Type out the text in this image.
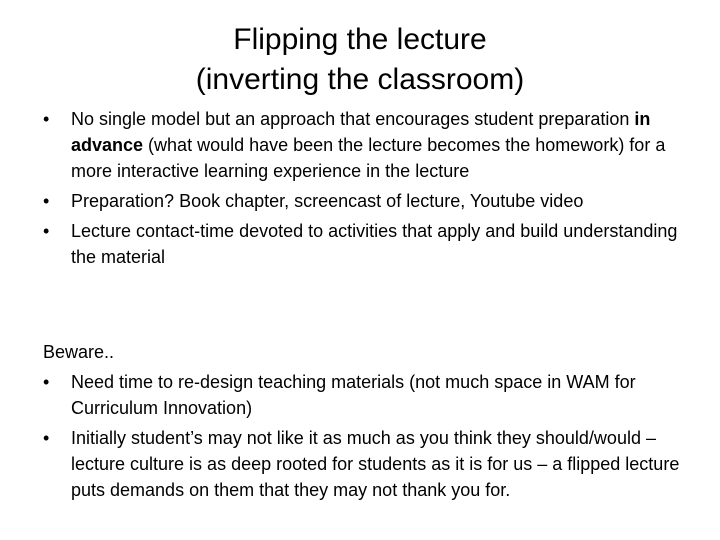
Flipping the lecture
(inverting the classroom)
•	No single model but an approach that encourages student preparation in advance (what would have been the lecture becomes the homework) for a more interactive learning experience in the lecture
•	Preparation? Book chapter, screencast of lecture, Youtube video
•	Lecture contact-time devoted to activities that apply and build understanding the material
Beware..
•	Need time to re-design teaching materials (not much space in WAM for Curriculum Innovation)
•	Initially student’s may not like it as much as you think they should/would – lecture culture is as deep rooted for students as it is for us – a flipped lecture puts demands on them that they may not thank you for.
